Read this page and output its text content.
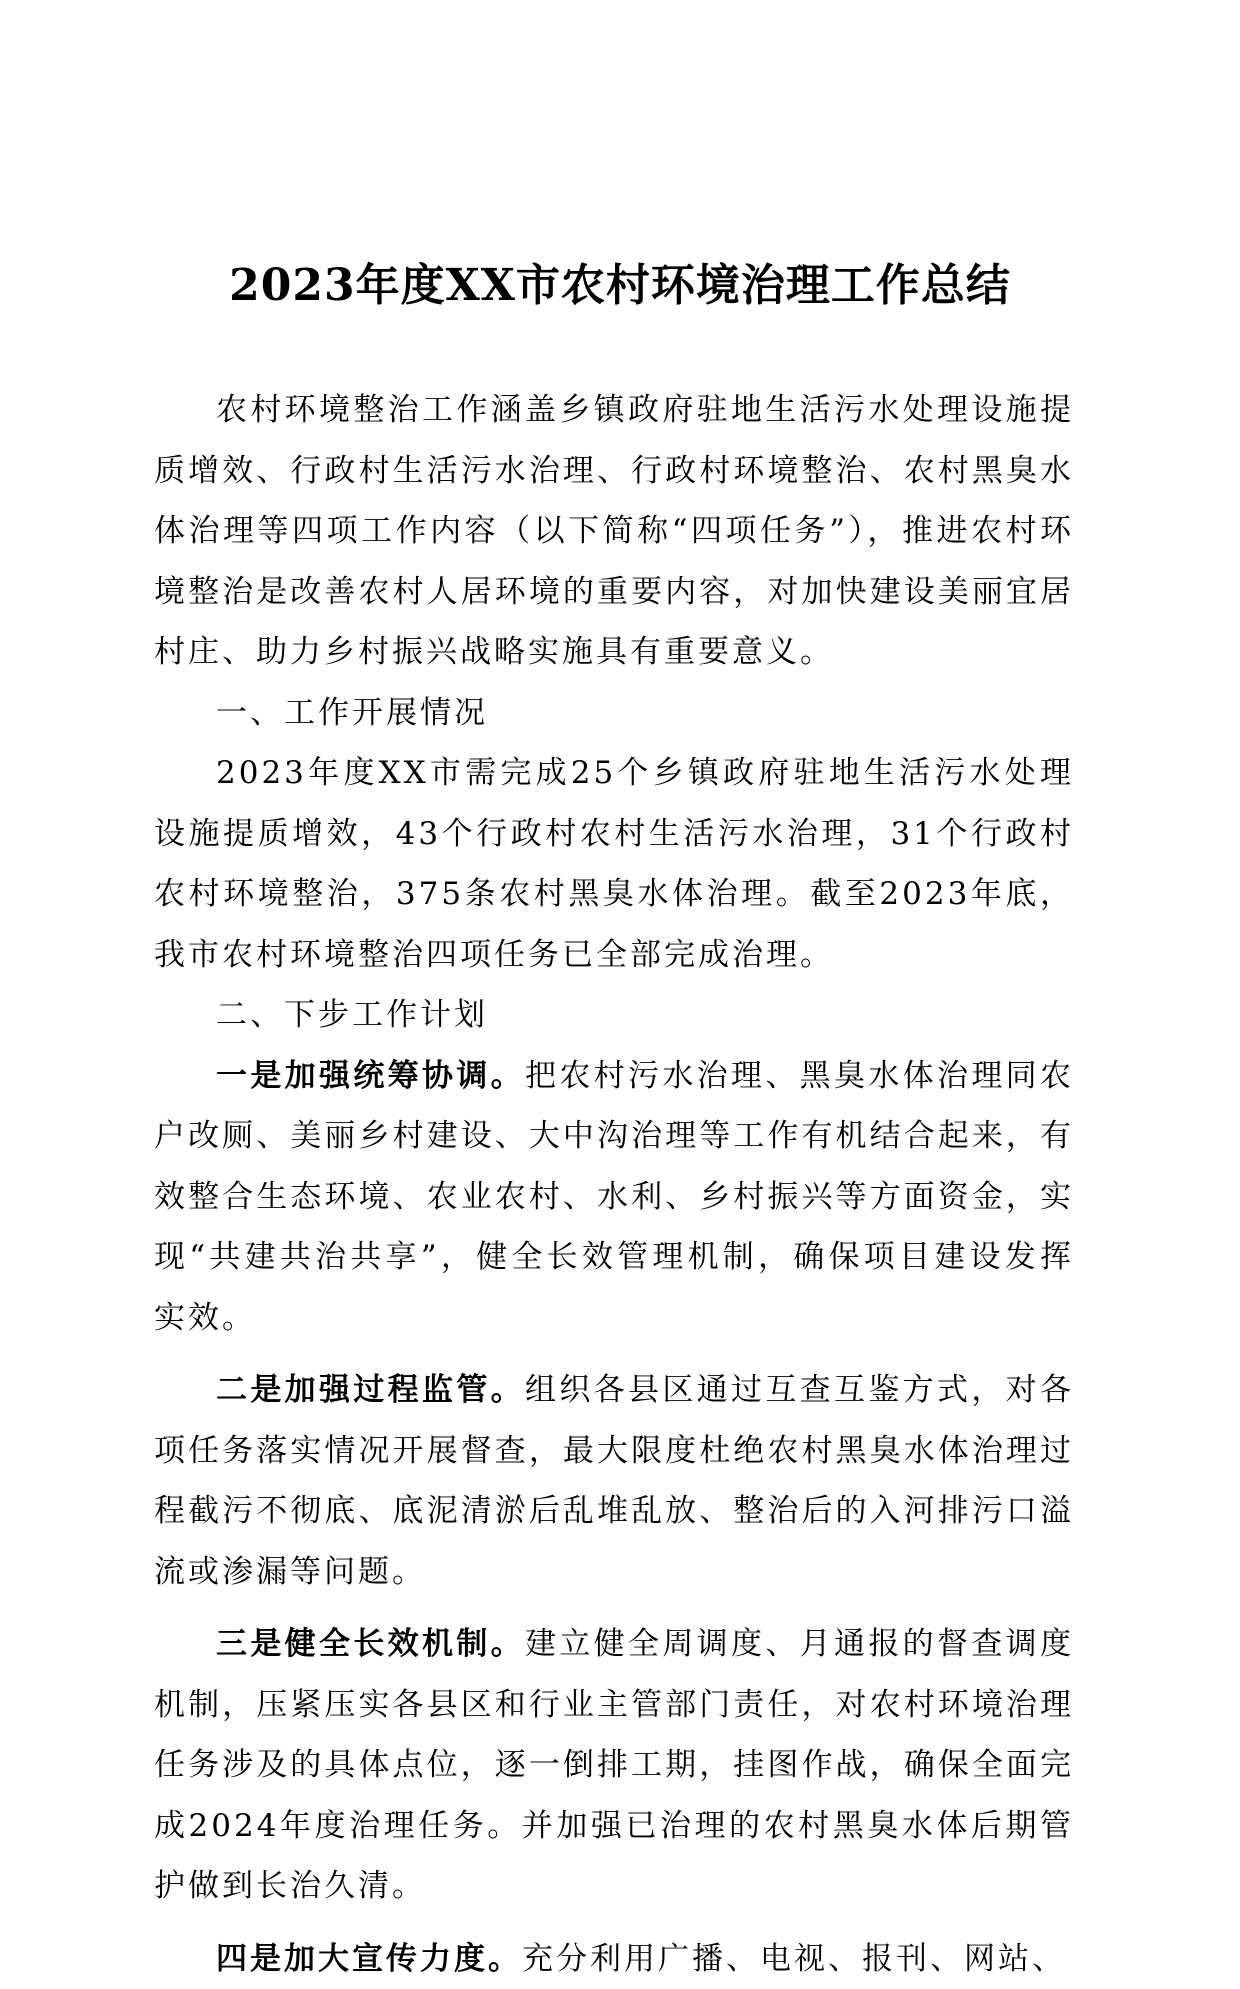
2023年度XX市农村环境治理工作总结

农村环境整治工作涵盖乡镇政府驻地生活污水处理设施提质增效、行政村生活污水治理、行政村环境整治、农村黑臭水体治理等四项工作内容（以下简称“四项任务”），推进农村环境整治是改善农村人居环境的重要内容，对加快建设美丽宜居村庄、助力乡村振兴战略实施具有重要意义。

一、工作开展情况

2023年度XX市需完成25个乡镇政府驻地生活污水处理设施提质增效，43个行政村农村生活污水治理，31个行政村农村环境整治，375条农村黑臭水体治理。截至2023年底，我市农村环境整治四项任务已全部完成治理。

二、下步工作计划

一是加强统筹协调。把农村污水治理、黑臭水体治理同农户改厕、美丽乡村建设、大中沟治理等工作有机结合起来，有效整合生态环境、农业农村、水利、乡村振兴等方面资金，实现“共建共治共享”，健全长效管理机制，确保项目建设发挥实效。

二是加强过程监管。组织各县区通过互查互鉴方式，对各项任务落实情况开展督查，最大限度杜绝农村黑臭水体治理过程截污不彻底、底泥清淤后乱堆乱放、整治后的入河排污口溢流或渗漏等问题。

三是健全长效机制。建立健全周调度、月通报的督查调度机制，压紧压实各县区和行业主管部门责任，对农村环境治理任务涉及的具体点位，逐一倒排工期，挂图作战，确保全面完成2024年度治理任务。并加强已治理的农村黑臭水体后期管护做到长治久清。

四是加大宣传力度。充分利用广播、电视、报刊、网站、
